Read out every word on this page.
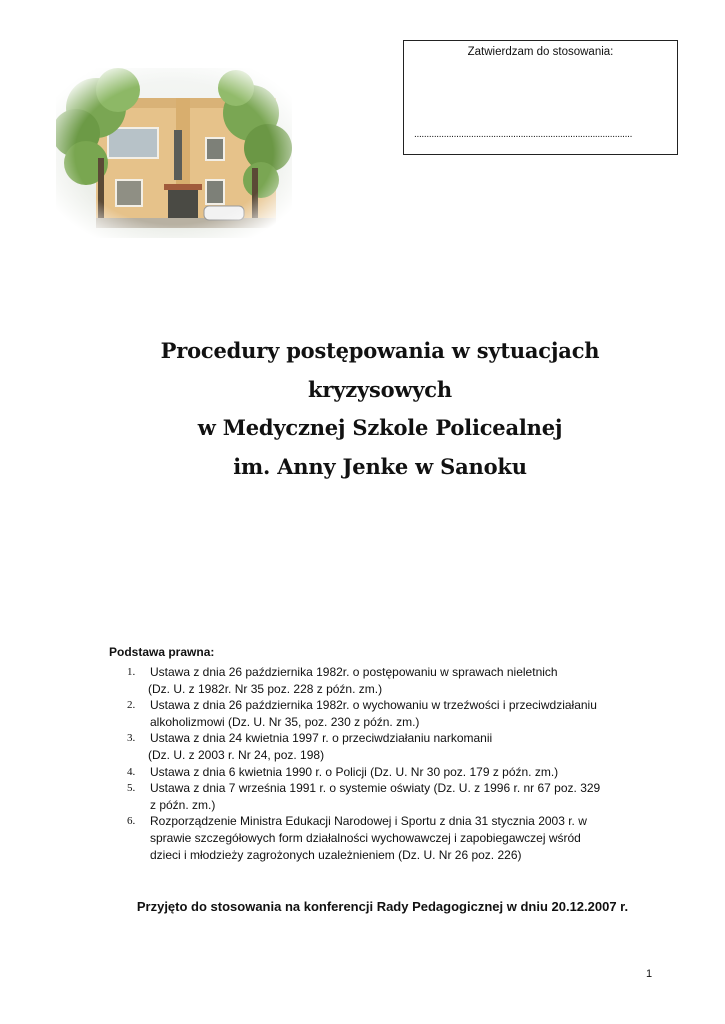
Zatwierdzam do stosowania:
........................................................................................
Procedury postępowania w sytuacjach
kryzysowych
w Medycznej Szkole Policealnej
im. Anny Jenke w Sanoku
Podstawa prawna:
1. Ustawa z dnia 26 października 1982r. o postępowaniu w sprawach nieletnich
(Dz. U. z 1982r. Nr 35 poz. 228 z późn. zm.)
2. Ustawa z dnia 26 października 1982r. o wychowaniu w trzeźwości i przeciwdziałaniu
alkoholizmowi (Dz. U. Nr 35, poz. 230 z późn. zm.)
3. Ustawa z dnia 24 kwietnia 1997 r. o przeciwdziałaniu narkomanii
(Dz. U. z 2003 r. Nr 24, poz. 198)
4. Ustawa z dnia 6 kwietnia 1990 r. o Policji (Dz. U. Nr 30 poz. 179 z późn. zm.)
5. Ustawa z dnia 7 września 1991 r. o systemie oświaty (Dz. U. z 1996 r. nr 67 poz. 329
z późn. zm.)
6. Rozporządzenie Ministra Edukacji Narodowej i Sportu z dnia 31 stycznia 2003 r. w
sprawie szczegółowych form działalności wychowawczej i zapobiegawczej wśród
dzieci i młodzieży zagrożonych uzależnieniem (Dz. U. Nr 26 poz. 226)
Przyjęto do stosowania na konferencji Rady Pedagogicznej w dniu 20.12.2007 r.
1
